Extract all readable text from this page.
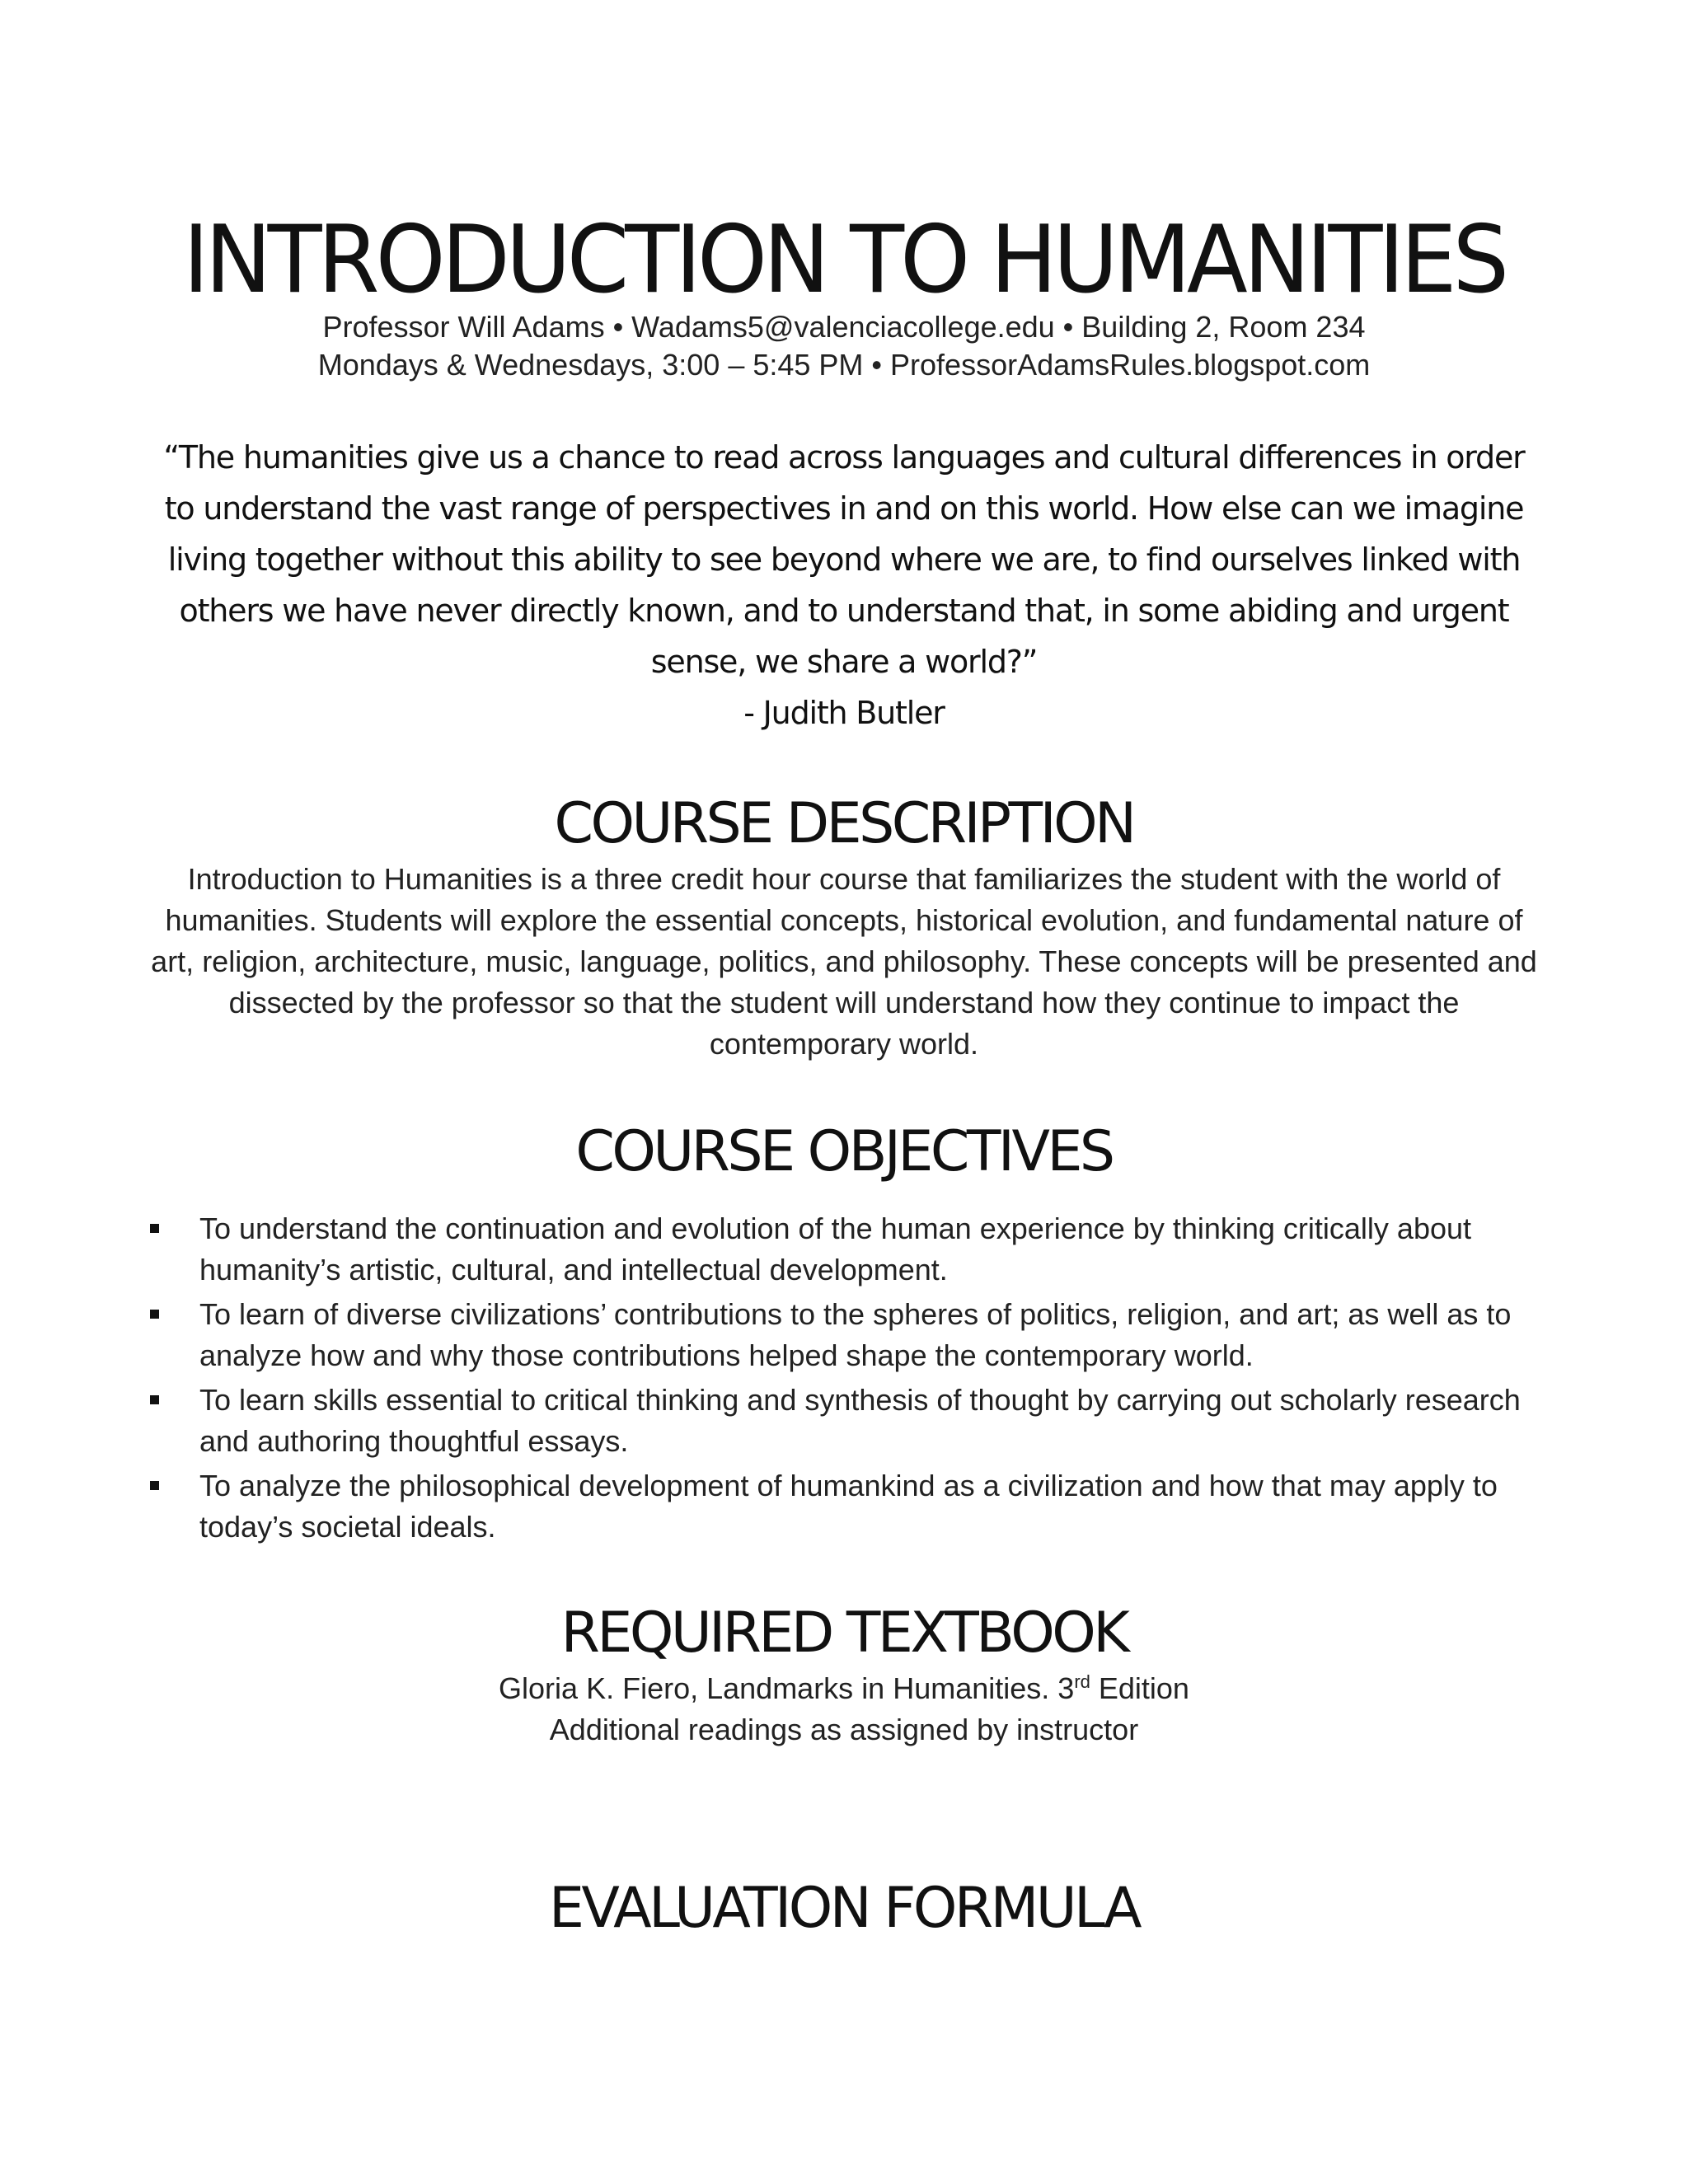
INTRODUCTION TO HUMANITIES
Professor Will Adams • Wadams5@valenciacollege.edu • Building 2, Room 234
Mondays & Wednesdays, 3:00 – 5:45 PM • ProfessorAdamsRules.blogspot.com
“The humanities give us a chance to read across languages and cultural differences in order to understand the vast range of perspectives in and on this world. How else can we imagine living together without this ability to see beyond where we are, to find ourselves linked with others we have never directly known, and to understand that, in some abiding and urgent sense, we share a world?”
- Judith Butler
COURSE DESCRIPTION
Introduction to Humanities is a three credit hour course that familiarizes the student with the world of humanities. Students will explore the essential concepts, historical evolution, and fundamental nature of art, religion, architecture, music, language, politics, and philosophy. These concepts will be presented and dissected by the professor so that the student will understand how they continue to impact the contemporary world.
COURSE OBJECTIVES
To understand the continuation and evolution of the human experience by thinking critically about humanity’s artistic, cultural, and intellectual development.
To learn of diverse civilizations’ contributions to the spheres of politics, religion, and art; as well as to analyze how and why those contributions helped shape the contemporary world.
To learn skills essential to critical thinking and synthesis of thought by carrying out scholarly research and authoring thoughtful essays.
To analyze the philosophical development of humankind as a civilization and how that may apply to today’s societal ideals.
REQUIRED TEXTBOOK
Gloria K. Fiero, Landmarks in Humanities. 3rd Edition
Additional readings as assigned by instructor
EVALUATION FORMULA
